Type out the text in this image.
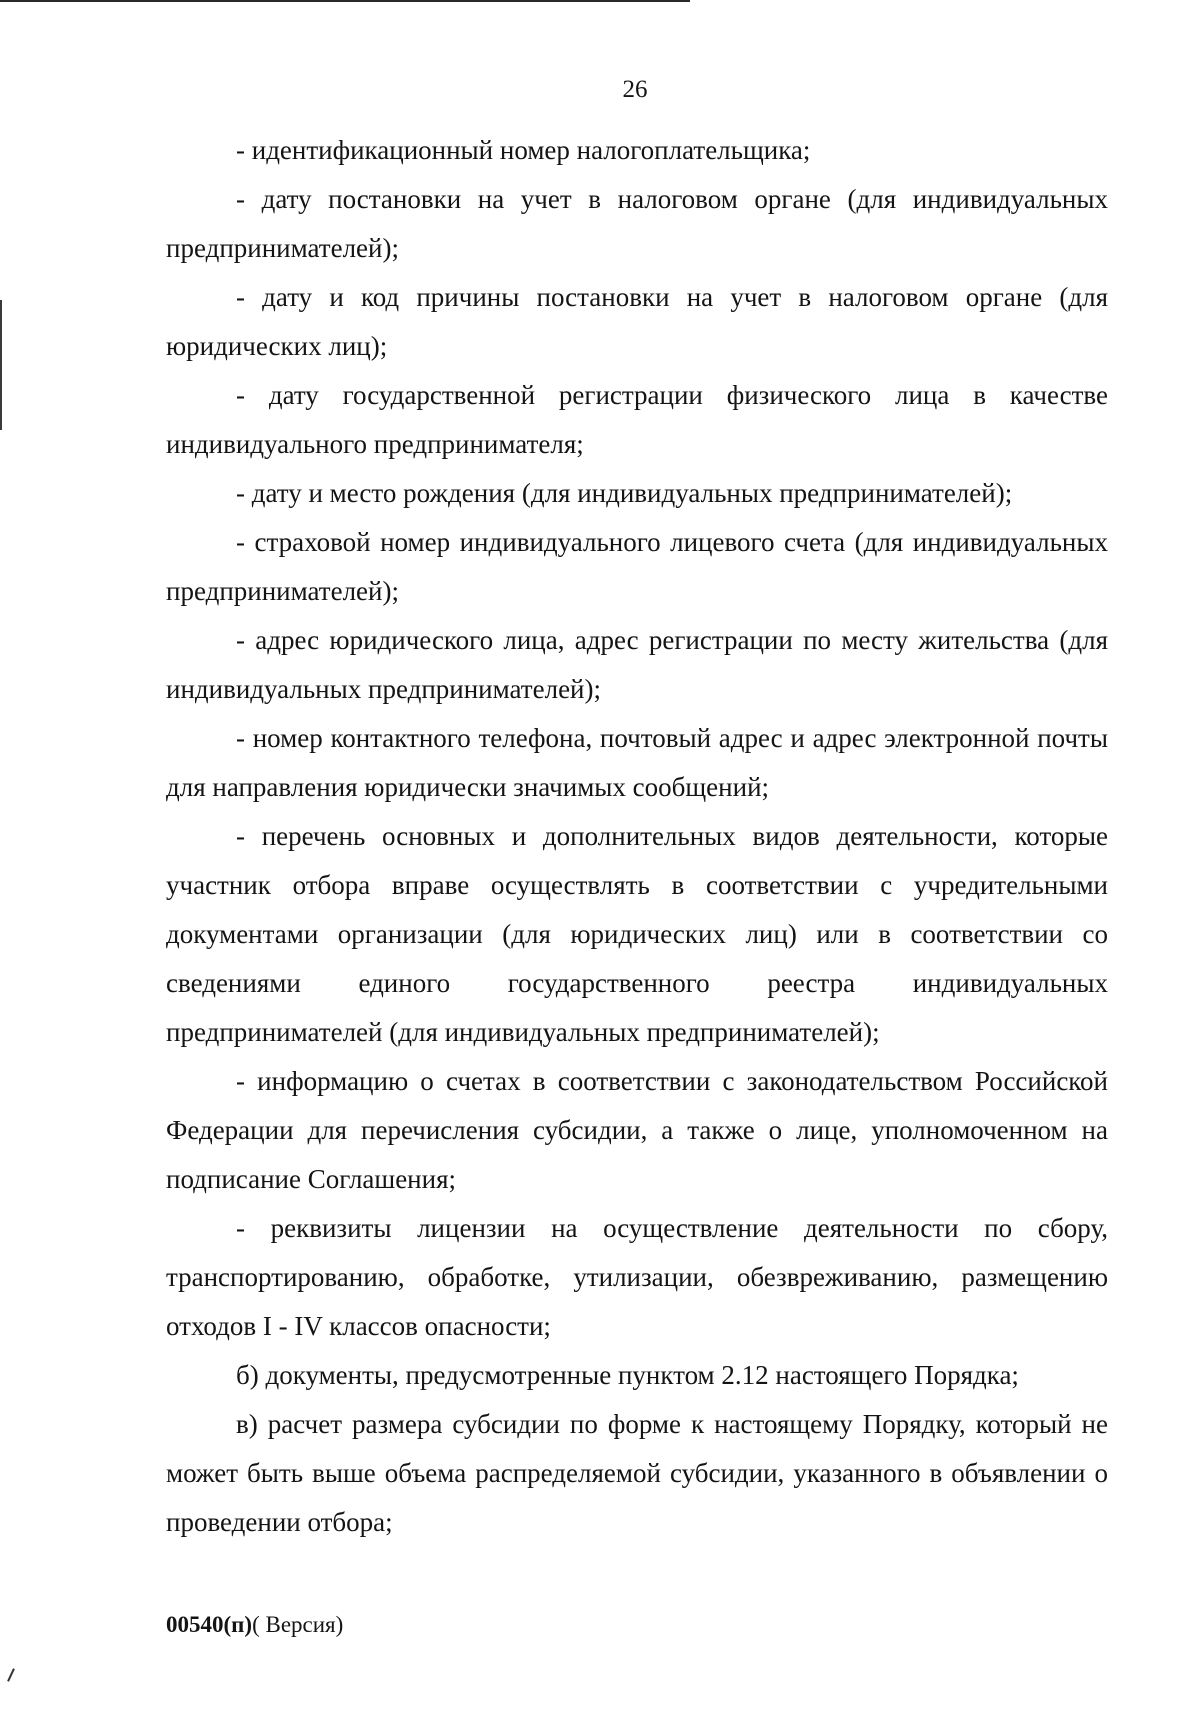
26

- идентификационный номер налогоплательщика;

- дату постановки на учет в налоговом органе (для индивидуальных предпринимателей);

- дату и код причины постановки на учет в налоговом органе (для юридических лиц);

- дату государственной регистрации физического лица в качестве индивидуального предпринимателя;

- дату и место рождения (для индивидуальных предпринимателей);

- страховой номер индивидуального лицевого счета (для индивидуальных предпринимателей);

- адрес юридического лица, адрес регистрации по месту жительства (для индивидуальных предпринимателей);

- номер контактного телефона, почтовый адрес и адрес электронной почты для направления юридически значимых сообщений;

- перечень основных и дополнительных видов деятельности, которые участник отбора вправе осуществлять в соответствии с учредительными документами организации (для юридических лиц) или в соответствии со сведениями единого государственного реестра индивидуальных предпринимателей (для индивидуальных предпринимателей);

- информацию о счетах в соответствии с законодательством Российской Федерации для перечисления субсидии, а также о лице, уполномоченном на подписание Соглашения;

- реквизиты лицензии на осуществление деятельности по сбору, транспортированию, обработке, утилизации, обезвреживанию, размещению отходов I - IV классов опасности;

б) документы, предусмотренные пунктом 2.12 настоящего Порядка;

в) расчет размера субсидии по форме к настоящему Порядку, который не может быть выше объема распределяемой субсидии, указанного в объявлении о проведении отбора;

00540(п)( Версия)
